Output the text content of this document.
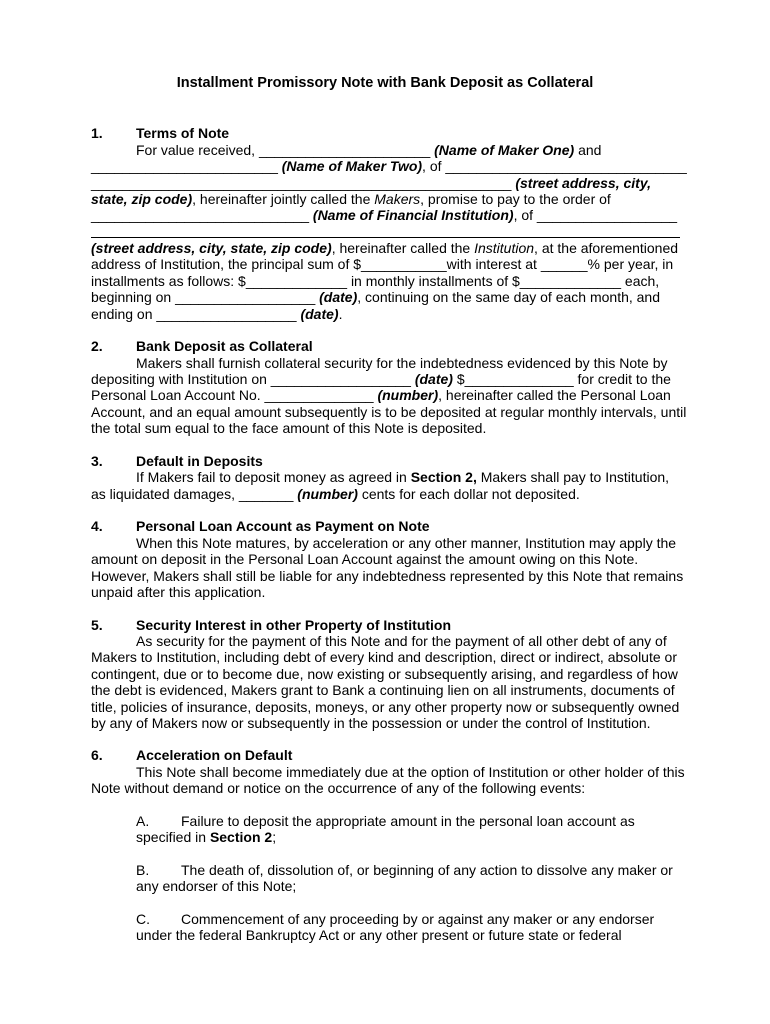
Installment Promissory Note with Bank Deposit as Collateral
1. Terms of Note
For value received, ______________________ (Name of Maker One) and
________________________ (Name of Maker Two), of _______________________________
______________________________________________________ (street address, city,
state, zip code), hereinafter jointly called the Makers, promise to pay to the order of
____________________________ (Name of Financial Institution), of __________________
(street address, city, state, zip code), hereinafter called the Institution, at the aforementioned
address of Institution, the principal sum of $___________with interest at ______% per year, in
installments as follows: $_____________ in monthly installments of $_____________ each,
beginning on __________________ (date), continuing on the same day of each month, and
ending on __________________ (date).
2. Bank Deposit as Collateral
Makers shall furnish collateral security for the indebtedness evidenced by this Note by
depositing with Institution on __________________ (date) $______________ for credit to the
Personal Loan Account No. ______________ (number), hereinafter called the Personal Loan
Account, and an equal amount subsequently is to be deposited at regular monthly intervals, until
the total sum equal to the face amount of this Note is deposited.
3. Default in Deposits
If Makers fail to deposit money as agreed in Section 2, Makers shall pay to Institution,
as liquidated damages, _______ (number) cents for each dollar not deposited.
4. Personal Loan Account as Payment on Note
When this Note matures, by acceleration or any other manner, Institution may apply the
amount on deposit in the Personal Loan Account against the amount owing on this Note.
However, Makers shall still be liable for any indebtedness represented by this Note that remains
unpaid after this application.
5. Security Interest in other Property of Institution
As security for the payment of this Note and for the payment of all other debt of any of
Makers to Institution, including debt of every kind and description, direct or indirect, absolute or
contingent, due or to become due, now existing or subsequently arising, and regardless of how
the debt is evidenced, Makers grant to Bank a continuing lien on all instruments, documents of
title, policies of insurance, deposits, moneys, or any other property now or subsequently owned
by any of Makers now or subsequently in the possession or under the control of Institution.
6. Acceleration on Default
This Note shall become immediately due at the option of Institution or other holder of this
Note without demand or notice on the occurrence of any of the following events:
A.	Failure to deposit the appropriate amount in the personal loan account as
specified in Section 2;
B.	The death of, dissolution of, or beginning of any action to dissolve any maker or
any endorser of this Note;
C.	Commencement of any proceeding by or against any maker or any endorser
under the federal Bankruptcy Act or any other present or future state or federal
